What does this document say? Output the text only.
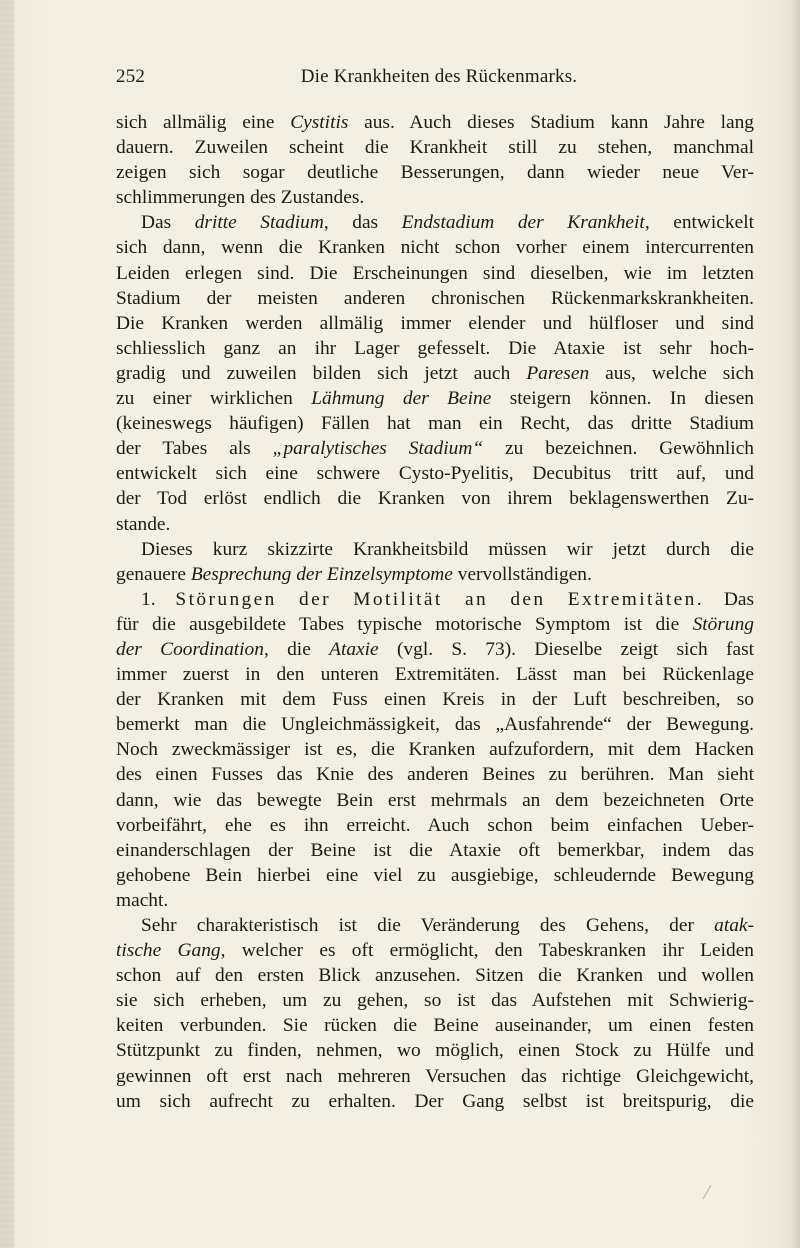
252	Die Krankheiten des Rückenmarks.
sich allmälig eine Cystitis aus. Auch dieses Stadium kann Jahre lang
dauern. Zuweilen scheint die Krankheit still zu stehen, manchmal
zeigen sich sogar deutliche Besserungen, dann wieder neue Ver-
schlimmerungen des Zustandes.
Das dritte Stadium, das Endstadium der Krankheit, entwickelt
sich dann, wenn die Kranken nicht schon vorher einem intercurrenten
Leiden erlegen sind. Die Erscheinungen sind dieselben, wie im letzten
Stadium der meisten anderen chronischen Rückenmarkskrankheiten.
Die Kranken werden allmälig immer elender und hülfloser und sind
schliesslich ganz an ihr Lager gefesselt. Die Ataxie ist sehr hoch-
gradig und zuweilen bilden sich jetzt auch Paresen aus, welche sich
zu einer wirklichen Lähmung der Beine steigern können. In diesen
(keineswegs häufigen) Fällen hat man ein Recht, das dritte Stadium
der Tabes als „paralytisches Stadium“ zu bezeichnen. Gewöhnlich
entwickelt sich eine schwere Cysto-Pyelitis, Decubitus tritt auf, und
der Tod erlöst endlich die Kranken von ihrem beklagenswerthen Zu-
stande.
Dieses kurz skizzirte Krankheitsbild müssen wir jetzt durch die
genauere Besprechung der Einzelsymptome vervollständigen.
1. Störungen der Motilität an den Extremitäten. Das
für die ausgebildete Tabes typische motorische Symptom ist die Störung
der Coordination, die Ataxie (vgl. S. 73). Dieselbe zeigt sich fast
immer zuerst in den unteren Extremitäten. Lässt man bei Rückenlage
der Kranken mit dem Fuss einen Kreis in der Luft beschreiben, so
bemerkt man die Ungleichmässigkeit, das „Ausfahrende“ der Bewegung.
Noch zweckmässiger ist es, die Kranken aufzufordern, mit dem Hacken
des einen Fusses das Knie des anderen Beines zu berühren. Man sieht
dann, wie das bewegte Bein erst mehrmals an dem bezeichneten Orte
vorbeifährt, ehe es ihn erreicht. Auch schon beim einfachen Ueber-
einanderschlagen der Beine ist die Ataxie oft bemerkbar, indem das
gehobene Bein hierbei eine viel zu ausgiebige, schleudernde Bewegung
macht.
Sehr charakteristisch ist die Veränderung des Gehens, der atak-
tische Gang, welcher es oft ermöglicht, den Tabeskranken ihr Leiden
schon auf den ersten Blick anzusehen. Sitzen die Kranken und wollen
sie sich erheben, um zu gehen, so ist das Aufstehen mit Schwierig-
keiten verbunden. Sie rücken die Beine auseinander, um einen festen
Stützpunkt zu finden, nehmen, wo möglich, einen Stock zu Hülfe und
gewinnen oft erst nach mehreren Versuchen das richtige Gleichgewicht,
um sich aufrecht zu erhalten. Der Gang selbst ist breitspurig, die
